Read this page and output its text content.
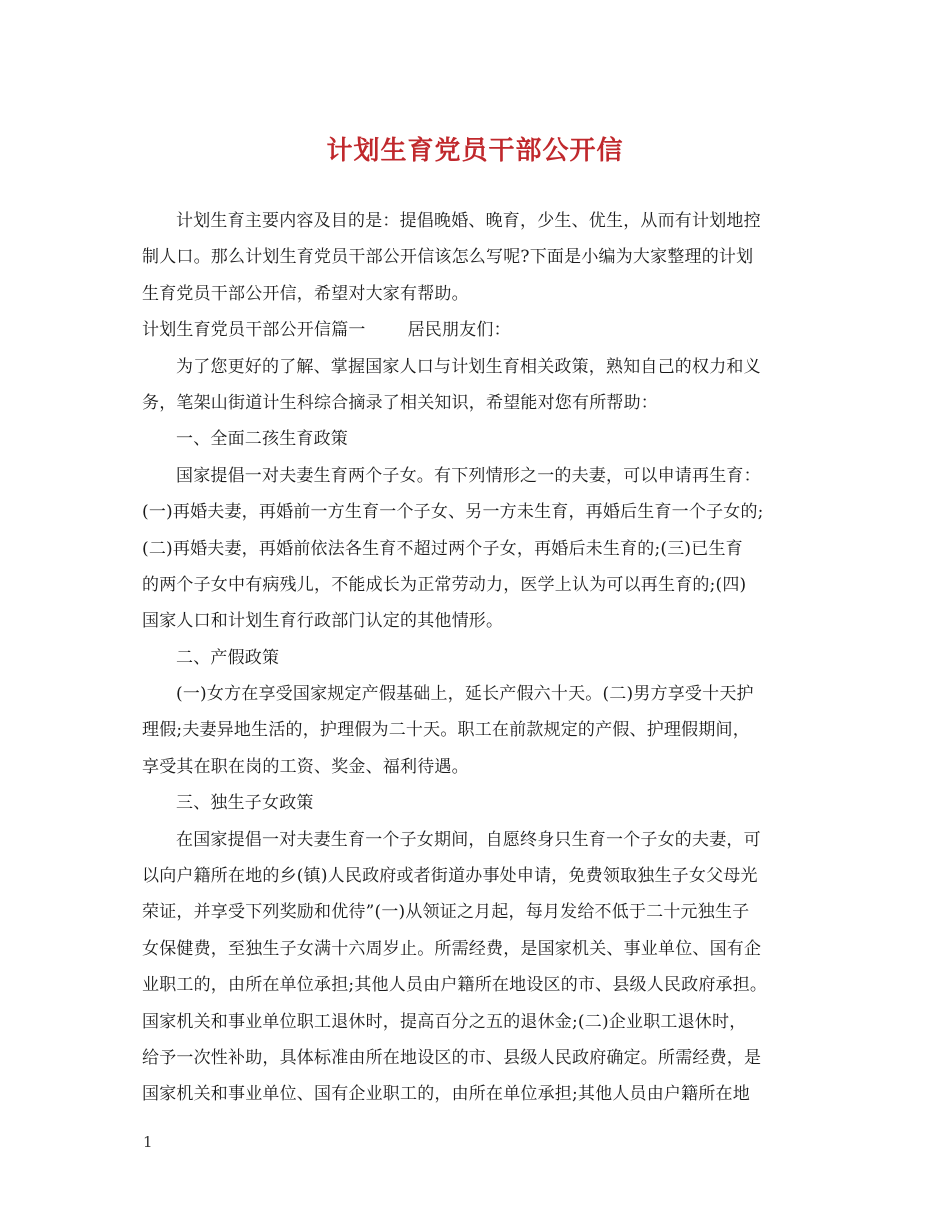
计划生育党员干部公开信
计划生育主要内容及目的是：提倡晚婚、晚育，少生、优生，从而有计划地控
制人口。那么计划生育党员干部公开信该怎么写呢?下面是小编为大家整理的计划
生育党员干部公开信，希望对大家有帮助。
计划生育党员干部公开信篇一 居民朋友们：
为了您更好的了解、掌握国家人口与计划生育相关政策，熟知自己的权力和义
务，笔架山街道计生科综合摘录了相关知识，希望能对您有所帮助：
一、全面二孩生育政策
国家提倡一对夫妻生育两个子女。有下列情形之一的夫妻，可以申请再生育：
(一)再婚夫妻，再婚前一方生育一个子女、另一方未生育，再婚后生育一个子女的;
(二)再婚夫妻，再婚前依法各生育不超过两个子女，再婚后未生育的;(三)已生育
的两个子女中有病残儿，不能成长为正常劳动力，医学上认为可以再生育的;(四)
国家人口和计划生育行政部门认定的其他情形。
二、产假政策
(一)女方在享受国家规定产假基础上，延长产假六十天。(二)男方享受十天护
理假;夫妻异地生活的，护理假为二十天。职工在前款规定的产假、护理假期间，
享受其在职在岗的工资、奖金、福利待遇。
三、独生子女政策
在国家提倡一对夫妻生育一个子女期间，自愿终身只生育一个子女的夫妻，可
以向户籍所在地的乡(镇)人民政府或者街道办事处申请，免费领取独生子女父母光
荣证，并享受下列奖励和优待”(一)从领证之月起，每月发给不低于二十元独生子
女保健费，至独生子女满十六周岁止。所需经费，是国家机关、事业单位、国有企
业职工的，由所在单位承担;其他人员由户籍所在地设区的市、县级人民政府承担。
国家机关和事业单位职工退休时，提高百分之五的退休金;(二)企业职工退休时，
给予一次性补助，具体标准由所在地设区的市、县级人民政府确定。所需经费，是
国家机关和事业单位、国有企业职工的，由所在单位承担;其他人员由户籍所在地
1
